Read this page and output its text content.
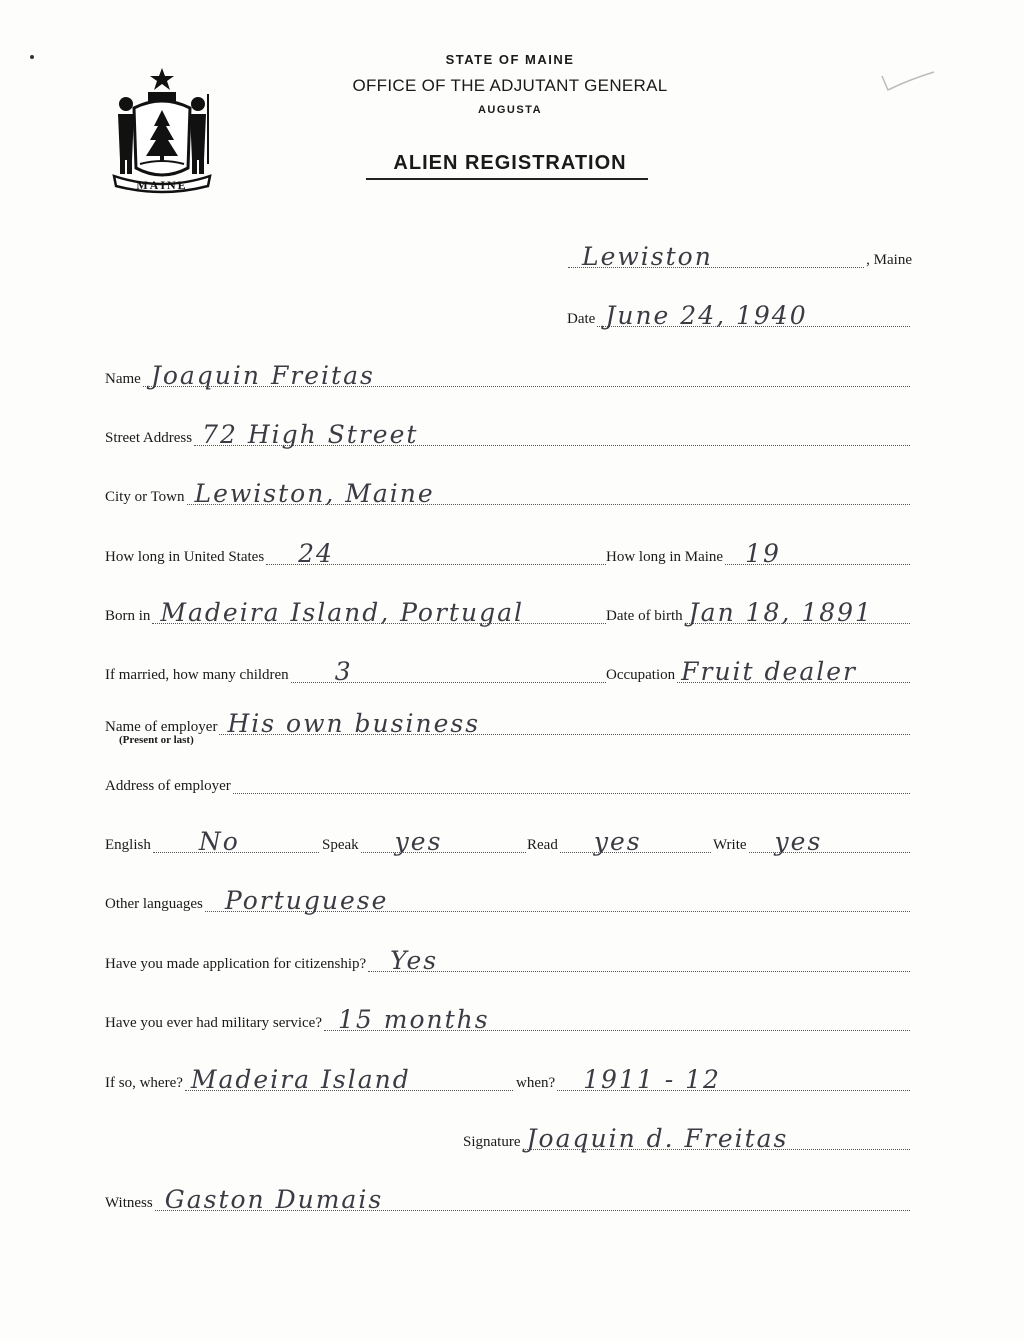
MAINE
STATE OF MAINE
OFFICE OF THE ADJUTANT GENERAL
AUGUSTA
ALIEN REGISTRATION
Lewiston	, Maine
Date June 24, 1940
Name Joaquin Freitas
Street Address 72 High Street
City or Town Lewiston, Maine
How long in United States 24	How long in Maine 19
Born in Madeira Island, Portugal	Date of birth Jan 18, 1891
If married, how many children 3	Occupation Fruit dealer
Name of employer His own business
(Present or last)
Address of employer
English No	Speak yes	Read yes	Write yes
Other languages Portuguese
Have you made application for citizenship? Yes
Have you ever had military service? 15 months
If so, where? Madeira Island	when? 1911 - 12
Signature Joaquin d. Freitas
Witness Gaston Dumais
